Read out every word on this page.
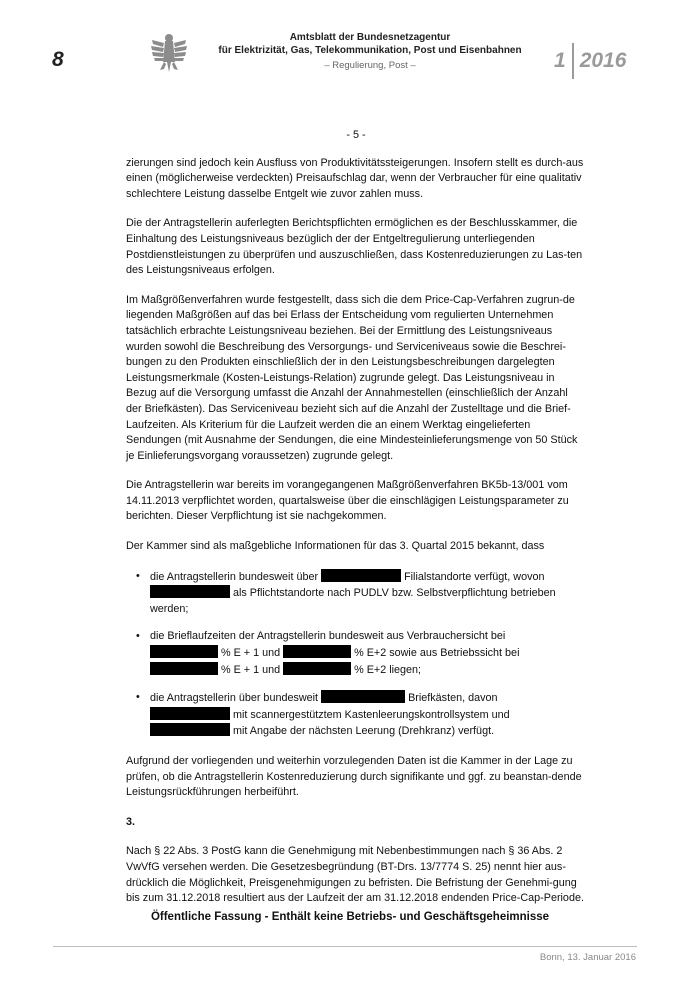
8
Amtsblatt der Bundesnetzagentur
für Elektrizität, Gas, Telekommunikation, Post und Eisenbahnen
– Regulierung, Post –	1 2016
- 5 -

zierungen sind jedoch kein Ausfluss von Produktivitätssteigerungen. Insofern stellt es durch-aus einen (möglicherweise verdeckten) Preisaufschlag dar, wenn der Verbraucher für eine qualitativ schlechtere Leistung dasselbe Entgelt wie zuvor zahlen muss.

Die der Antragstellerin auferlegten Berichtspflichten ermöglichen es der Beschlusskammer, die Einhaltung des Leistungsniveaus bezüglich der der Entgeltregulierung unterliegenden Postdienstleistungen zu überprüfen und auszuschließen, dass Kostenreduzierungen zu Las-ten des Leistungsniveaus erfolgen.

Im Maßgrößenverfahren wurde festgestellt, dass sich die dem Price-Cap-Verfahren zugrun-de liegenden Maßgrößen auf das bei Erlass der Entscheidung vom regulierten Unternehmen tatsächlich erbrachte Leistungsniveau beziehen. Bei der Ermittlung des Leistungsniveaus wurden sowohl die Beschreibung des Versorgungs- und Serviceniveaus sowie die Beschrei-bungen zu den Produkten einschließlich der in den Leistungsbeschreibungen dargelegten Leistungsmerkmale (Kosten-Leistungs-Relation) zugrunde gelegt. Das Leistungsniveau in Bezug auf die Versorgung umfasst die Anzahl der Annahmestellen (einschließlich der Anzahl der Briefkästen). Das Serviceniveau bezieht sich auf die Anzahl der Zustelltage und die Brief-Laufzeiten. Als Kriterium für die Laufzeit werden die an einem Werktag eingelieferten Sendungen (mit Ausnahme der Sendungen, die eine Mindesteinlieferungsmenge von 50 Stück je Einlieferungsvorgang voraussetzen) zugrunde gelegt.

Die Antragstellerin war bereits im vorangegangenen Maßgrößenverfahren BK5b-13/001 vom 14.11.2013 verpflichtet worden, quartalsweise über die einschlägigen Leistungsparameter zu berichten. Dieser Verpflichtung ist sie nachgekommen.

Der Kammer sind als maßgebliche Informationen für das 3. Quartal 2015 bekannt, dass

• die Antragstellerin bundesweit über	Filialstandorte verfügt, wovon
als Pflichtstandorte nach PUDLV bzw. Selbstverpflichtung betrieben
werden;
• die Brieflaufzeiten der Antragstellerin bundesweit aus Verbrauchersicht bei
% E + 1 und	% E+2 sowie aus Betriebssicht bei
% E + 1 und	% E+2 liegen;
• die Antragstellerin über bundesweit	Briefkästen, davon
mit scannergestütztem Kastenleerungskontrollsystem und
mit Angabe der nächsten Leerung (Drehkranz) verfügt.

Aufgrund der vorliegenden und weiterhin vorzulegenden Daten ist die Kammer in der Lage zu prüfen, ob die Antragstellerin Kostenreduzierung durch signifikante und ggf. zu beanstan-dende Leistungsrückführungen herbeiführt.

3.

Nach § 22 Abs. 3 PostG kann die Genehmigung mit Nebenbestimmungen nach § 36 Abs. 2 VwVfG versehen werden. Die Gesetzesbegründung (BT-Drs. 13/7774 S. 25) nennt hier aus-drücklich die Möglichkeit, Preisgenehmigungen zu befristen. Die Befristung der Genehmi-gung bis zum 31.12.2018 resultiert aus der Laufzeit der am 31.12.2018 endenden Price-Cap-Periode.

Öffentliche Fassung - Enthält keine Betriebs- und Geschäftsgeheimnisse
Bonn, 13. Januar 2016
